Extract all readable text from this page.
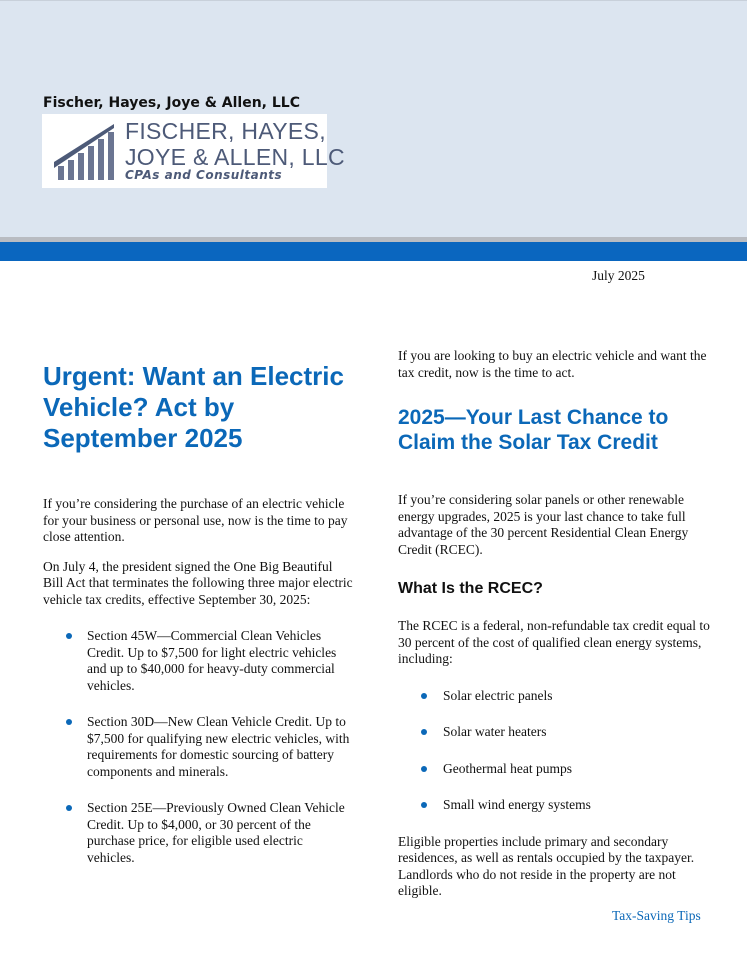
Fischer, Hayes, Joye & Allen, LLC
FISCHER, HAYES,
JOYE & ALLEN, LLC
CPAs and Consultants
July 2025
Urgent: Want an Electric Vehicle? Act by September 2025

If you’re considering the purchase of an electric vehicle for your business or personal use, now is the time to pay close attention.

On July 4, the president signed the One Big Beautiful Bill Act that terminates the following three major electric vehicle tax credits, effective September 30, 2025:

Section 45W—Commercial Clean Vehicles Credit. Up to $7,500 for light electric vehicles and up to $40,000 for heavy-duty commercial vehicles.
Section 30D—New Clean Vehicle Credit. Up to $7,500 for qualifying new electric vehicles, with requirements for domestic sourcing of battery components and minerals.
Section 25E—Previously Owned Clean Vehicle Credit. Up to $4,000, or 30 percent of the purchase price, for eligible used electric vehicles.

If you are looking to buy an electric vehicle and want the tax credit, now is the time to act.

2025—Your Last Chance to Claim the Solar Tax Credit

If you’re considering solar panels or other renewable energy upgrades, 2025 is your last chance to take full advantage of the 30 percent Residential Clean Energy Credit (RCEC).

What Is the RCEC?

The RCEC is a federal, non-refundable tax credit equal to 30 percent of the cost of qualified clean energy systems, including:

Solar electric panels
Solar water heaters
Geothermal heat pumps
Small wind energy systems

Eligible properties include primary and secondary residences, as well as rentals occupied by the taxpayer. Landlords who do not reside in the property are not eligible.

Tax-Saving Tips
